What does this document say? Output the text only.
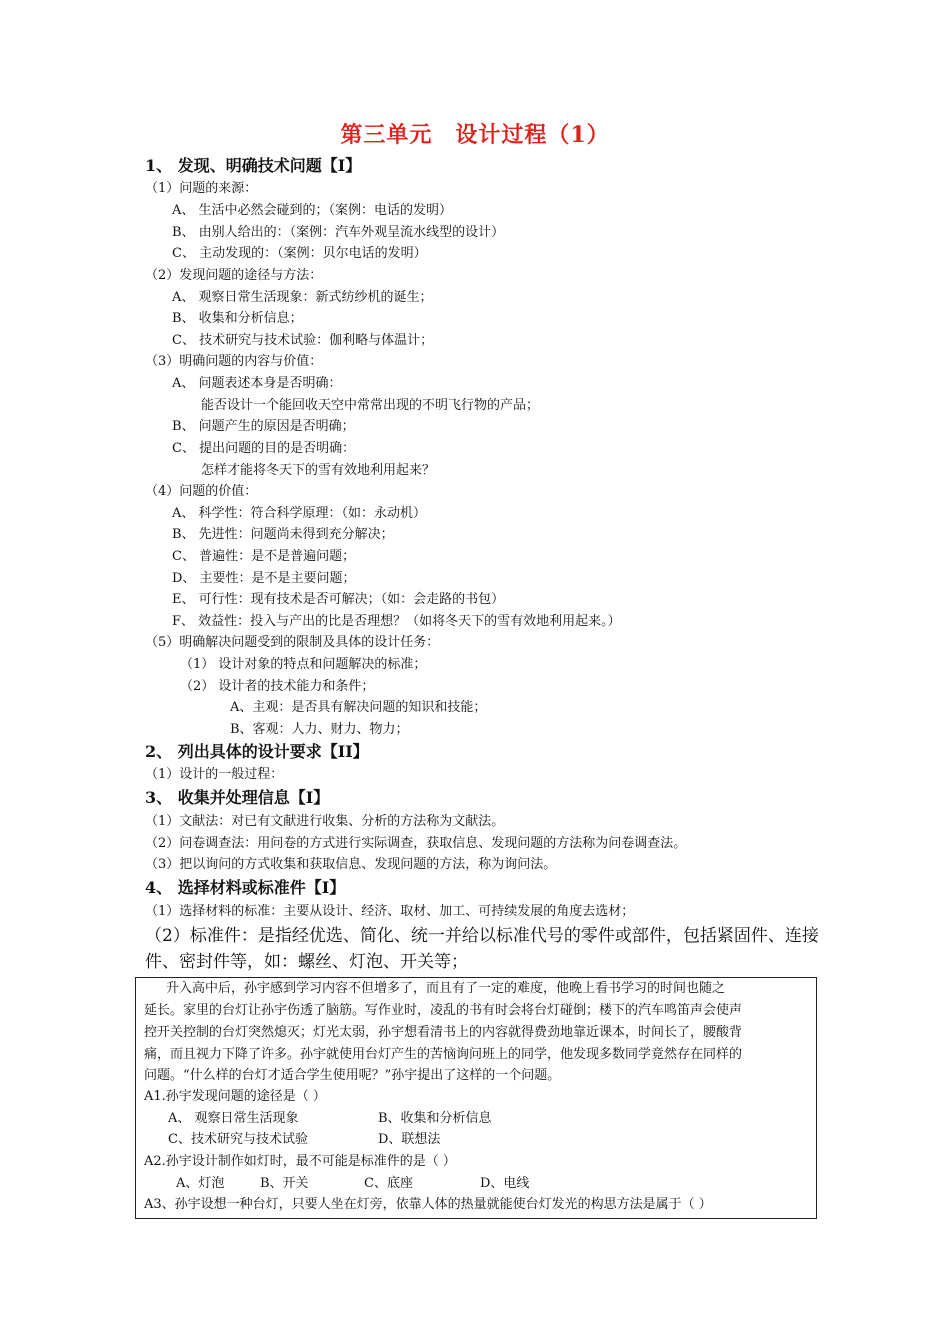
第三单元　设计过程（1）
1、 发现、明确技术问题【I】
（1）问题的来源：
A、 生活中必然会碰到的；（案例：电话的发明）
B、 由别人给出的：（案例：汽车外观呈流水线型的设计）
C、 主动发现的：（案例：贝尔电话的发明）
（2）发现问题的途径与方法：
A、 观察日常生活现象：新式纺纱机的诞生；
B、 收集和分析信息；
C、 技术研究与技术试验：伽利略与体温计；
（3）明确问题的内容与价值：
A、 问题表述本身是否明确：
能否设计一个能回收天空中常常出现的不明飞行物的产品；
B、 问题产生的原因是否明确；
C、 提出问题的目的是否明确：
怎样才能将冬天下的雪有效地利用起来？
（4）问题的价值：
A、 科学性：符合科学原理：（如：永动机）
B、 先进性：问题尚未得到充分解决；
C、 普遍性：是不是普遍问题；
D、 主要性：是不是主要问题；
E、 可行性：现有技术是否可解决；（如：会走路的书包）
F、 效益性：投入与产出的比是否理想？（如将冬天下的雪有效地利用起来。）
（5）明确解决问题受到的限制及具体的设计任务：
（1） 设计对象的特点和问题解决的标准；
（2） 设计者的技术能力和条件；
A、主观：是否具有解决问题的知识和技能；
B、客观：人力、财力、物力；
2、 列出具体的设计要求【II】
（1）设计的一般过程：
3、 收集并处理信息【I】
（1）文献法：对已有文献进行收集、分析的方法称为文献法。
（2）问卷调查法：用问卷的方式进行实际调查，获取信息、发现问题的方法称为问卷调查法。
（3）把以询问的方式收集和获取信息、发现问题的方法，称为询问法。
4、 选择材料或标准件【I】
（1）选择材料的标准：主要从设计、经济、取材、加工、可持续发展的角度去选材；
（2）标准件：是指经优选、简化、统一并给以标准代号的零件或部件，包括紧固件、连接
件、密封件等，如：螺丝、灯泡、开关等；
升入高中后，孙宇感到学习内容不但增多了，而且有了一定的难度，他晚上看书学习的时间也随之
延长。家里的台灯让孙宇伤透了脑筋。写作业时，凌乱的书有时会将台灯碰倒；楼下的汽车鸣笛声会使声
控开关控制的台灯突然熄灭；灯光太弱，孙宇想看清书上的内容就得费劲地靠近课本，时间长了，腰酸背
痛，而且视力下降了许多。孙宇就使用台灯产生的苦恼询问班上的同学，他发现多数同学竟然存在同样的
问题。“什么样的台灯才适合学生使用呢？”孙宇提出了这样的一个问题。
A1.孙宇发现问题的途径是（ ）
A、 观察日常生活现象	B、收集和分析信息
C、技术研究与技术试验	D、联想法
A2.孙宇设计制作如灯时，最不可能是标准件的是（ ）
A、灯泡	B、开关	C、底座	D、电线
A3、孙宇设想一种台灯，只要人坐在灯旁，依靠人体的热量就能使台灯发光的构思方法是属于（ ）
